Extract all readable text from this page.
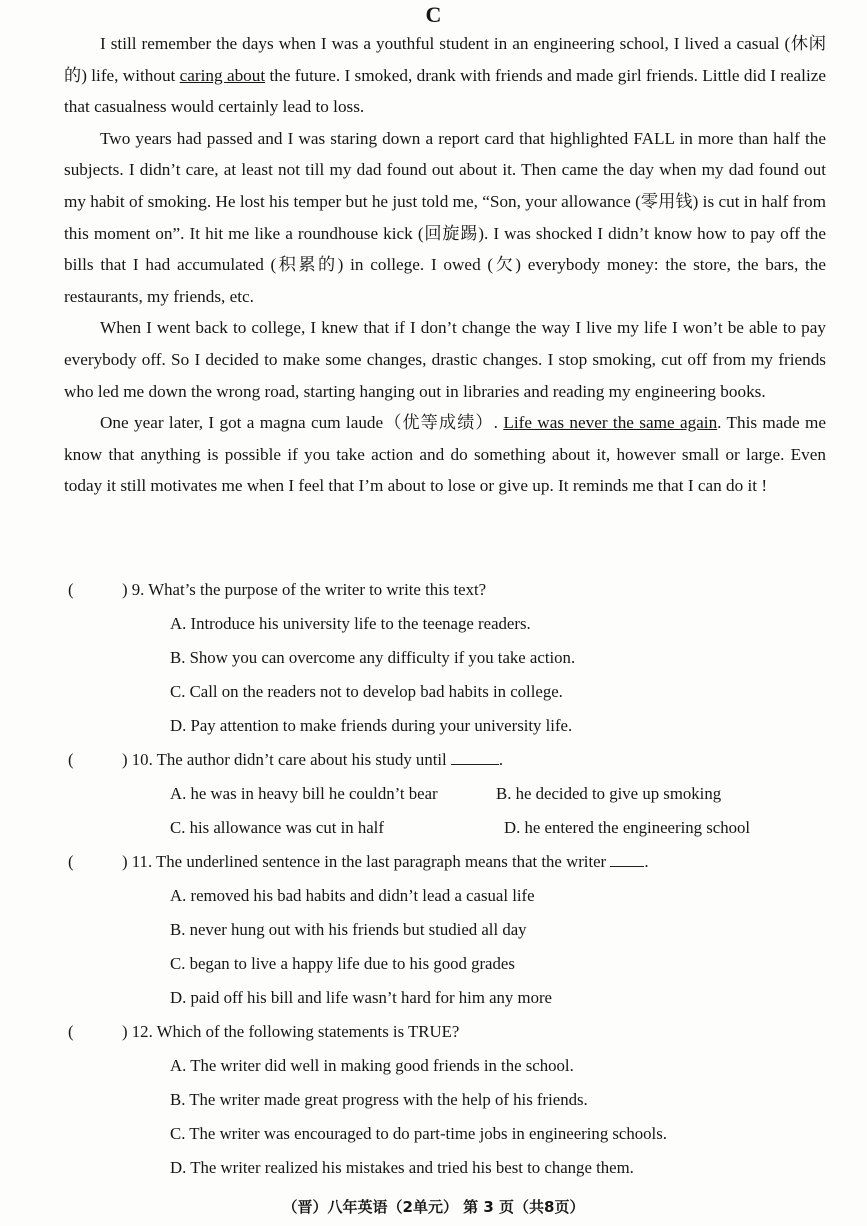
C

I still remember the days when I was a youthful student in an engineering school, I lived a casual (休闲的) life, without caring about the future. I smoked, drank with friends and made girl friends. Little did I realize that casualness would certainly lead to loss.

Two years had passed and I was staring down a report card that highlighted FALL in more than half the subjects. I didn’t care, at least not till my dad found out about it. Then came the day when my dad found out my habit of smoking. He lost his temper but he just told me, “Son, your allowance (零用钱) is cut in half from this moment on”. It hit me like a roundhouse kick (回旋踢). I was shocked I didn’t know how to pay off the bills that I had accumulated (积累的) in college. I owed (欠) everybody money: the store, the bars, the restaurants, my friends, etc.

When I went back to college, I knew that if I don’t change the way I live my life I won’t be able to pay everybody off. So I decided to make some changes, drastic changes. I stop smoking, cut off from my friends who led me down the wrong road, starting hanging out in libraries and reading my engineering books.

One year later, I got a magna cum laude（优等成绩）. Life was never the same again. This made me know that anything is possible if you take action and do something about it, however small or large. Even today it still motivates me when I feel that I’m about to lose or give up. It reminds me that I can do it !

(	) 9. What’s the purpose of the writer to write this text?
A. Introduce his university life to the teenage readers.
B. Show you can overcome any difficulty if you take action.
C. Call on the readers not to develop bad habits in college.
D. Pay attention to make friends during your university life.
(	) 10. The author didn’t care about his study until	.
A. he was in heavy bill he couldn’t bear	B. he decided to give up smoking
C. his allowance was cut in half	D. he entered the engineering school
(	) 11. The underlined sentence in the last paragraph means that the writer .
A. removed his bad habits and didn’t lead a casual life
B. never hung out with his friends but studied all day
C. began to live a happy life due to his good grades
D. paid off his bill and life wasn’t hard for him any more
(	) 12. Which of the following statements is TRUE?
A. The writer did well in making good friends in the school.
B. The writer made great progress with the help of his friends.
C. The writer was encouraged to do part-time jobs in engineering schools.
D. The writer realized his mistakes and tried his best to change them.
（晋）八年英语（2单元） 第 3 页（共8页）
